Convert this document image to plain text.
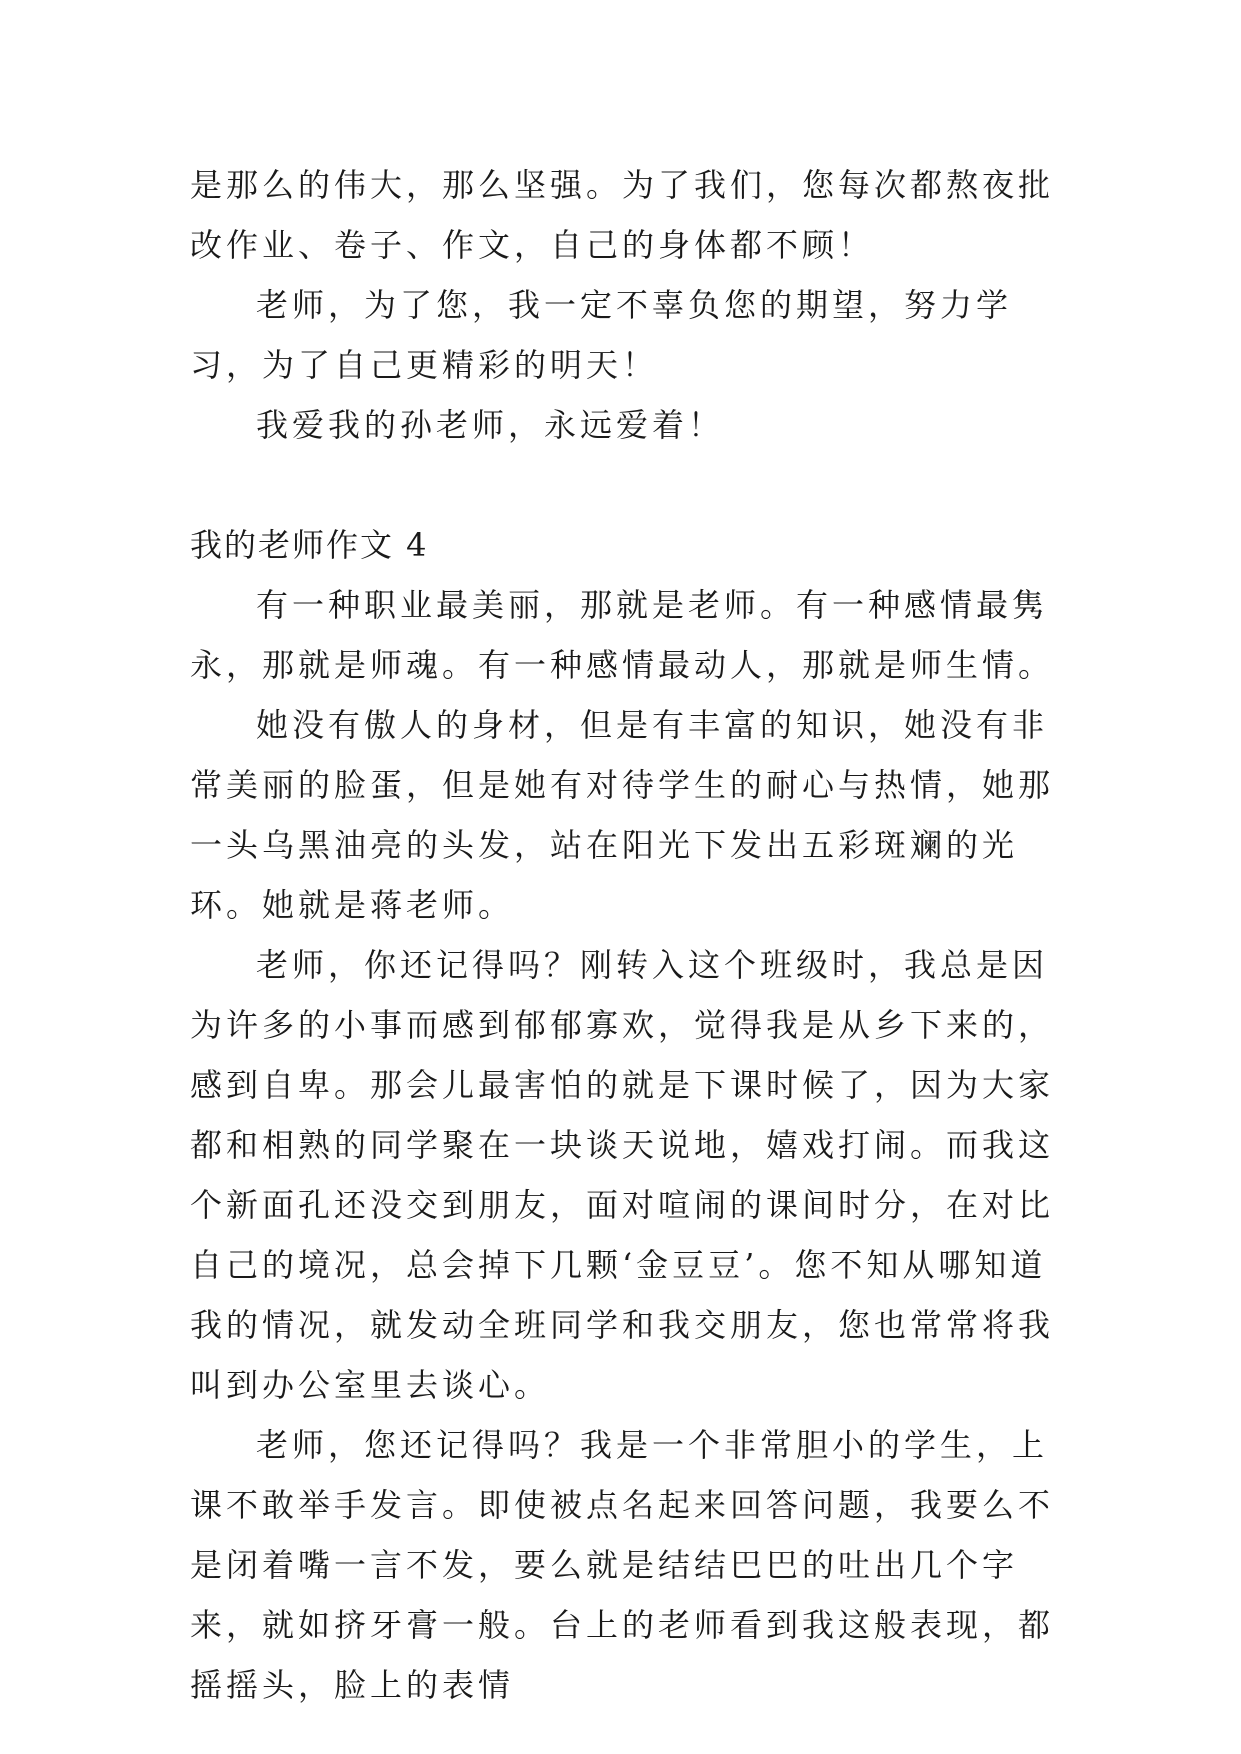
是那么的伟大，那么坚强。为了我们，您每次都熬夜批改作业、卷子、作文，自己的身体都不顾！

老师，为了您，我一定不辜负您的期望，努力学习，为了自己更精彩的明天！

我爱我的孙老师，永远爱着！

我的老师作文 4

有一种职业最美丽，那就是老师。有一种感情最隽永，那就是师魂。有一种感情最动人，那就是师生情。

她没有傲人的身材，但是有丰富的知识，她没有非常美丽的脸蛋，但是她有对待学生的耐心与热情，她那一头乌黑油亮的头发，站在阳光下发出五彩斑斓的光环。她就是蒋老师。

老师，你还记得吗？刚转入这个班级时，我总是因为许多的小事而感到郁郁寡欢，觉得我是从乡下来的，感到自卑。那会儿最害怕的就是下课时候了，因为大家都和相熟的同学聚在一块谈天说地，嬉戏打闹。而我这个新面孔还没交到朋友，面对喧闹的课间时分，在对比自己的境况，总会掉下几颗‘金豆豆’。您不知从哪知道我的情况，就发动全班同学和我交朋友，您也常常将我叫到办公室里去谈心。

老师，您还记得吗？我是一个非常胆小的学生，上课不敢举手发言。即使被点名起来回答问题，我要么不是闭着嘴一言不发，要么就是结结巴巴的吐出几个字来，就如挤牙膏一般。台上的老师看到我这般表现，都摇摇头，脸上的表情
